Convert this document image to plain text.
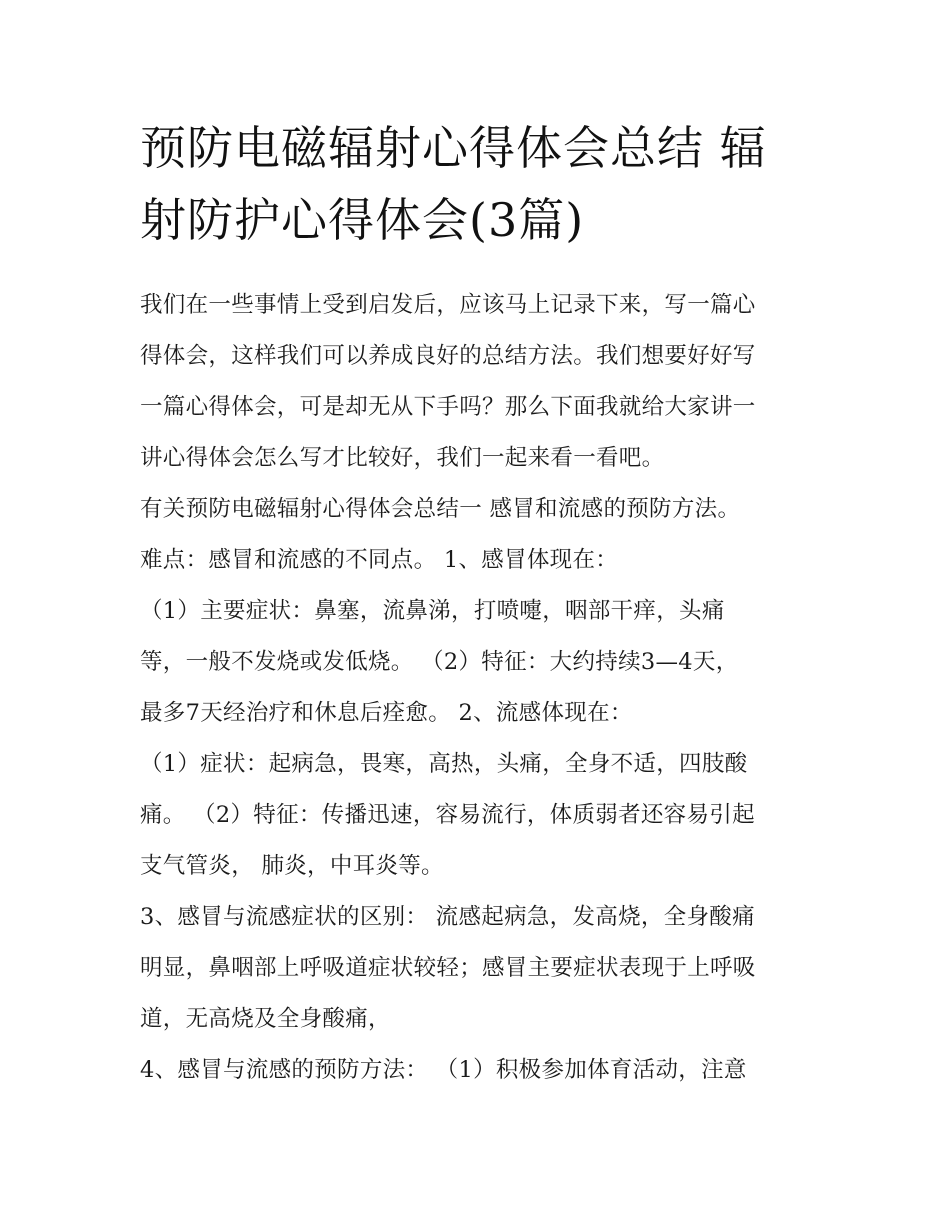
预防电磁辐射心得体会总结 辐
射防护心得体会(3篇)

我们在一些事情上受到启发后，应该马上记录下来，写一篇心
得体会，这样我们可以养成良好的总结方法。我们想要好好写
一篇心得体会，可是却无从下手吗？那么下面我就给大家讲一
讲心得体会怎么写才比较好，我们一起来看一看吧。

有关预防电磁辐射心得体会总结一 感冒和流感的预防方法。
难点：感冒和流感的不同点。 1、感冒体现在：

（1）主要症状：鼻塞，流鼻涕，打喷嚏，咽部干痒，头痛
等，一般不发烧或发低烧。 （2）特征：大约持续3—4天，
最多7天经治疗和休息后痊愈。 2、流感体现在：

（1）症状：起病急，畏寒，高热，头痛，全身不适，四肢酸
痛。 （2）特征：传播迅速，容易流行，体质弱者还容易引起
支气管炎， 肺炎，中耳炎等。

3、感冒与流感症状的区别： 流感起病急，发高烧，全身酸痛
明显，鼻咽部上呼吸道症状较轻；感冒主要症状表现于上呼吸
道，无高烧及全身酸痛，

4、感冒与流感的预防方法： （1）积极参加体育活动，注意
